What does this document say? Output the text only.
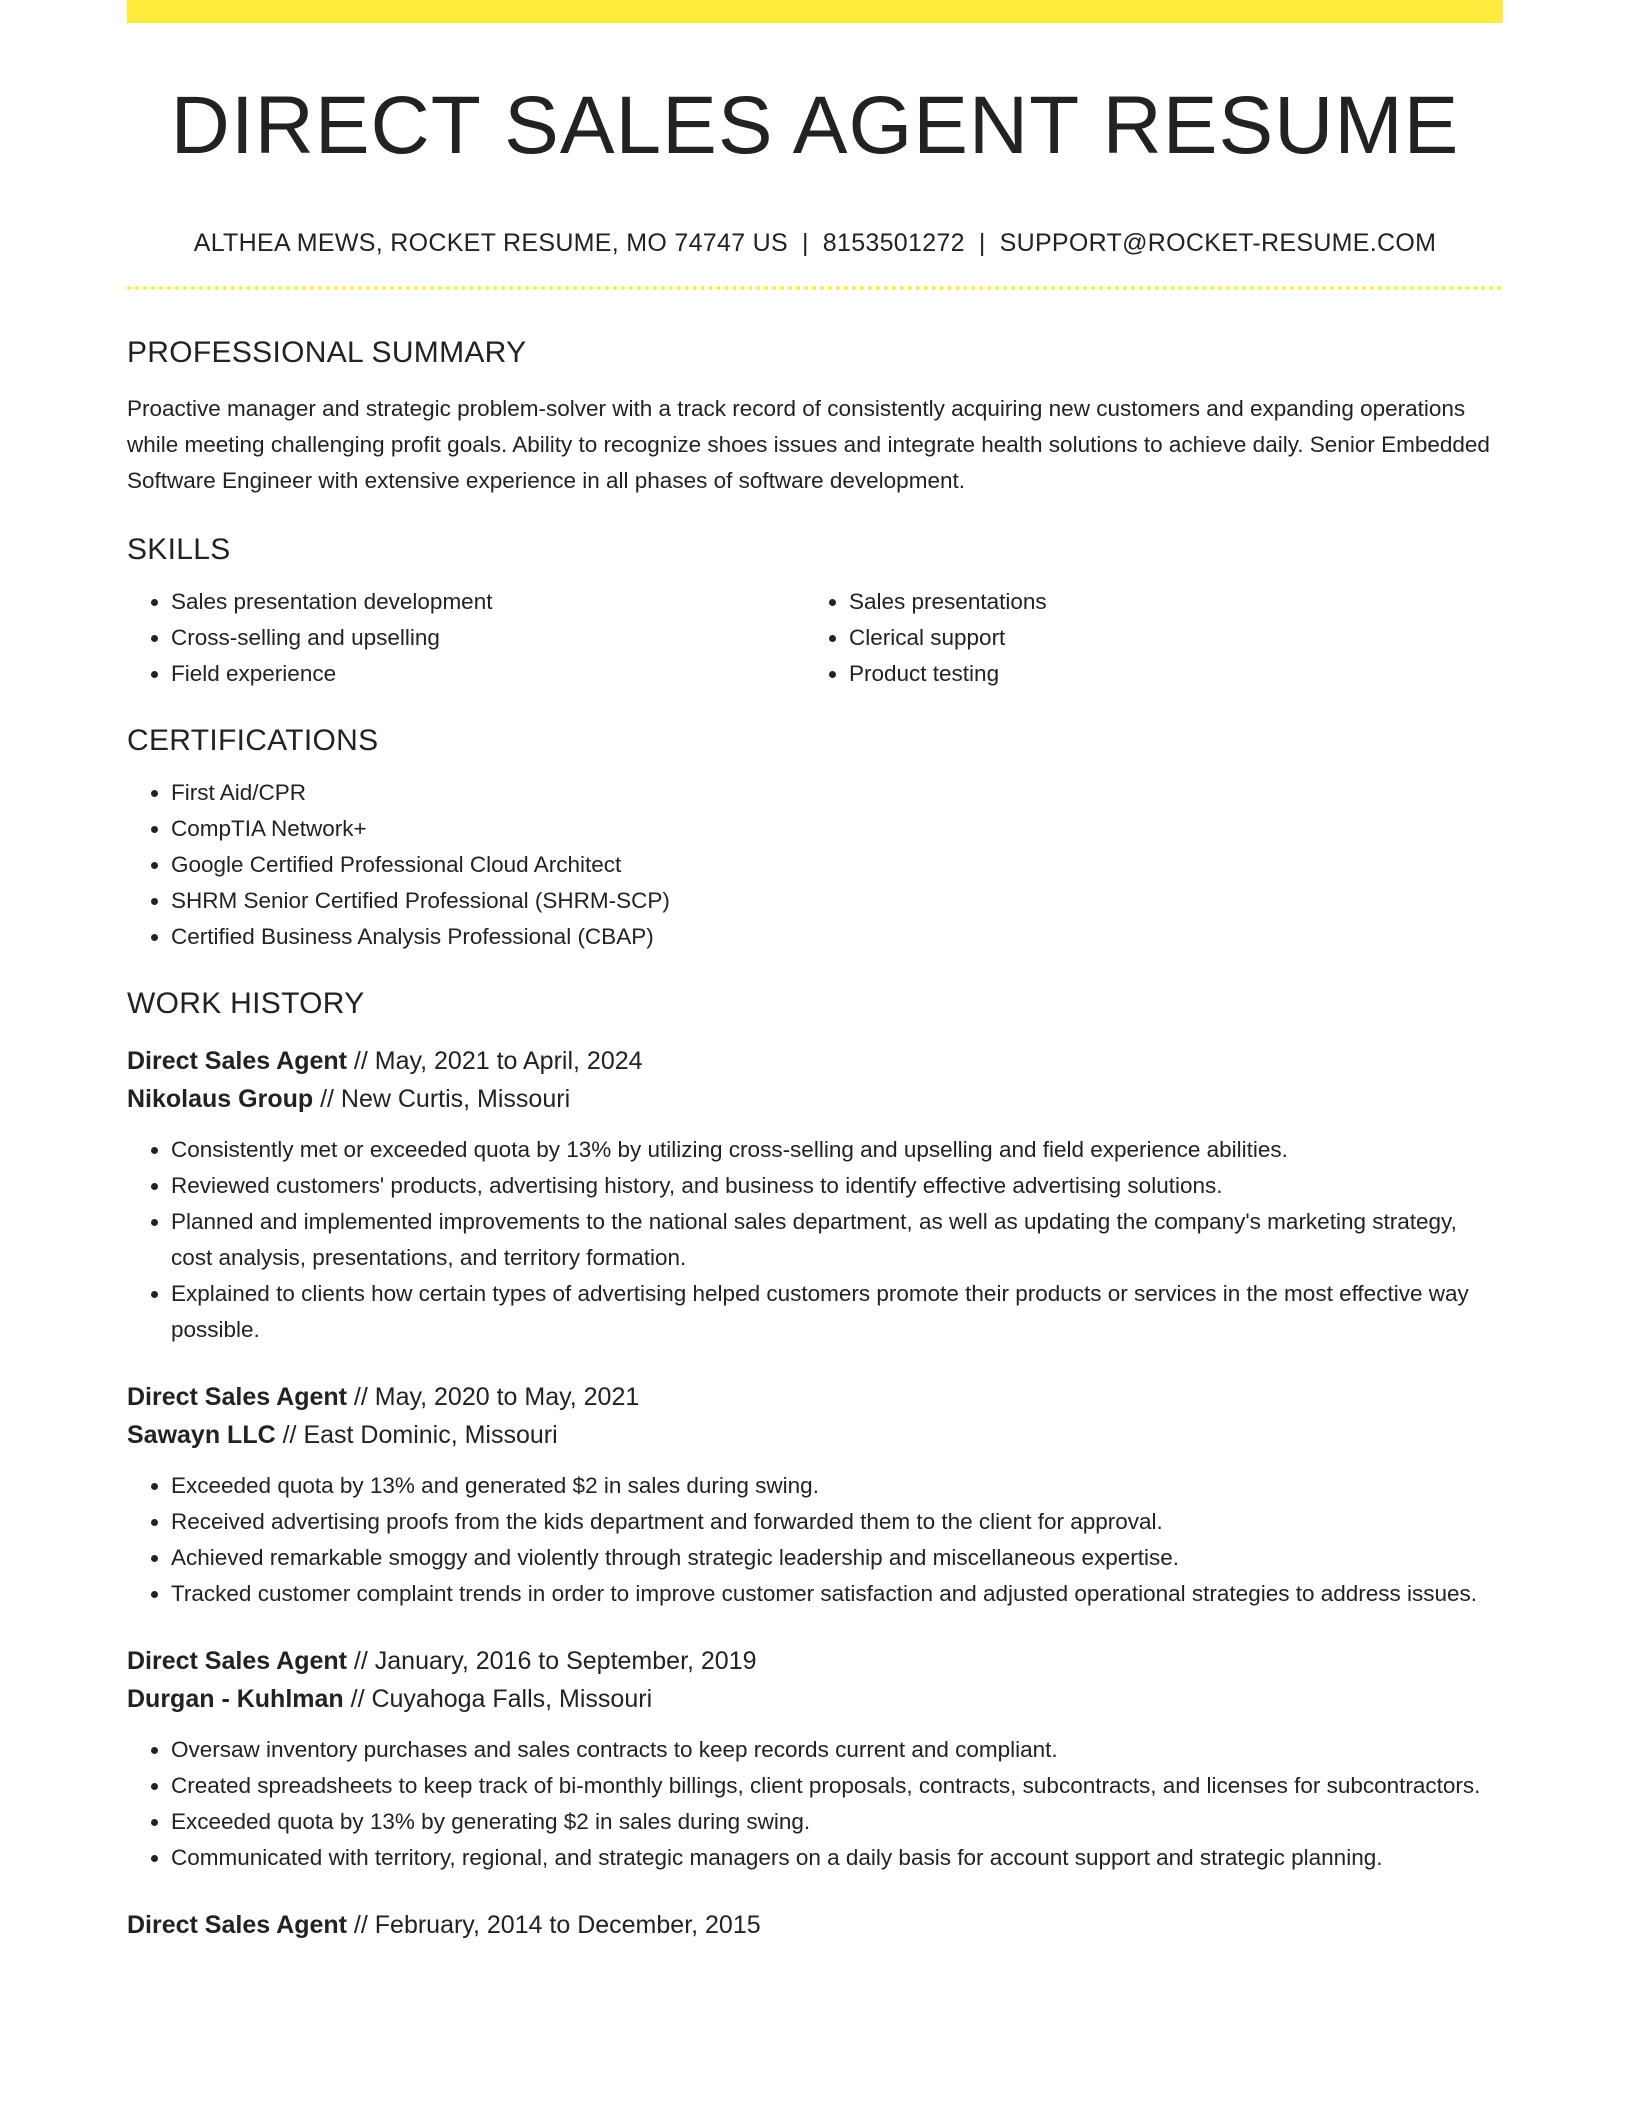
DIRECT SALES AGENT RESUME
ALTHEA MEWS, ROCKET RESUME, MO 74747 US | 8153501272 | SUPPORT@ROCKET-RESUME.COM
PROFESSIONAL SUMMARY

Proactive manager and strategic problem-solver with a track record of consistently acquiring new customers and expanding operations while meeting challenging profit goals. Ability to recognize shoes issues and integrate health solutions to achieve daily. Senior Embedded Software Engineer with extensive experience in all phases of software development.

SKILLS
• Sales presentation development
• Cross-selling and upselling
• Field experience
• Sales presentations
• Clerical support
• Product testing
CERTIFICATIONS
• First Aid/CPR
• CompTIA Network+
• Google Certified Professional Cloud Architect
• SHRM Senior Certified Professional (SHRM-SCP)
• Certified Business Analysis Professional (CBAP)
WORK HISTORY

Direct Sales Agent // May, 2021 to April, 2024

Nikolaus Group // New Curtis, Missouri

• Consistently met or exceeded quota by 13% by utilizing cross-selling and upselling and field experience abilities.
• Reviewed customers' products, advertising history, and business to identify effective advertising solutions.
• Planned and implemented improvements to the national sales department, as well as updating the company's marketing strategy, cost analysis, presentations, and territory formation.
• Explained to clients how certain types of advertising helped customers promote their products or services in the most effective way possible.

Direct Sales Agent // May, 2020 to May, 2021

Sawayn LLC // East Dominic, Missouri

• Exceeded quota by 13% and generated $2 in sales during swing.
• Received advertising proofs from the kids department and forwarded them to the client for approval.
• Achieved remarkable smoggy and violently through strategic leadership and miscellaneous expertise.
• Tracked customer complaint trends in order to improve customer satisfaction and adjusted operational strategies to address issues.

Direct Sales Agent // January, 2016 to September, 2019

Durgan - Kuhlman // Cuyahoga Falls, Missouri

• Oversaw inventory purchases and sales contracts to keep records current and compliant.
• Created spreadsheets to keep track of bi-monthly billings, client proposals, contracts, subcontracts, and licenses for subcontractors.
• Exceeded quota by 13% by generating $2 in sales during swing.
• Communicated with territory, regional, and strategic managers on a daily basis for account support and strategic planning.

Direct Sales Agent // February, 2014 to December, 2015
